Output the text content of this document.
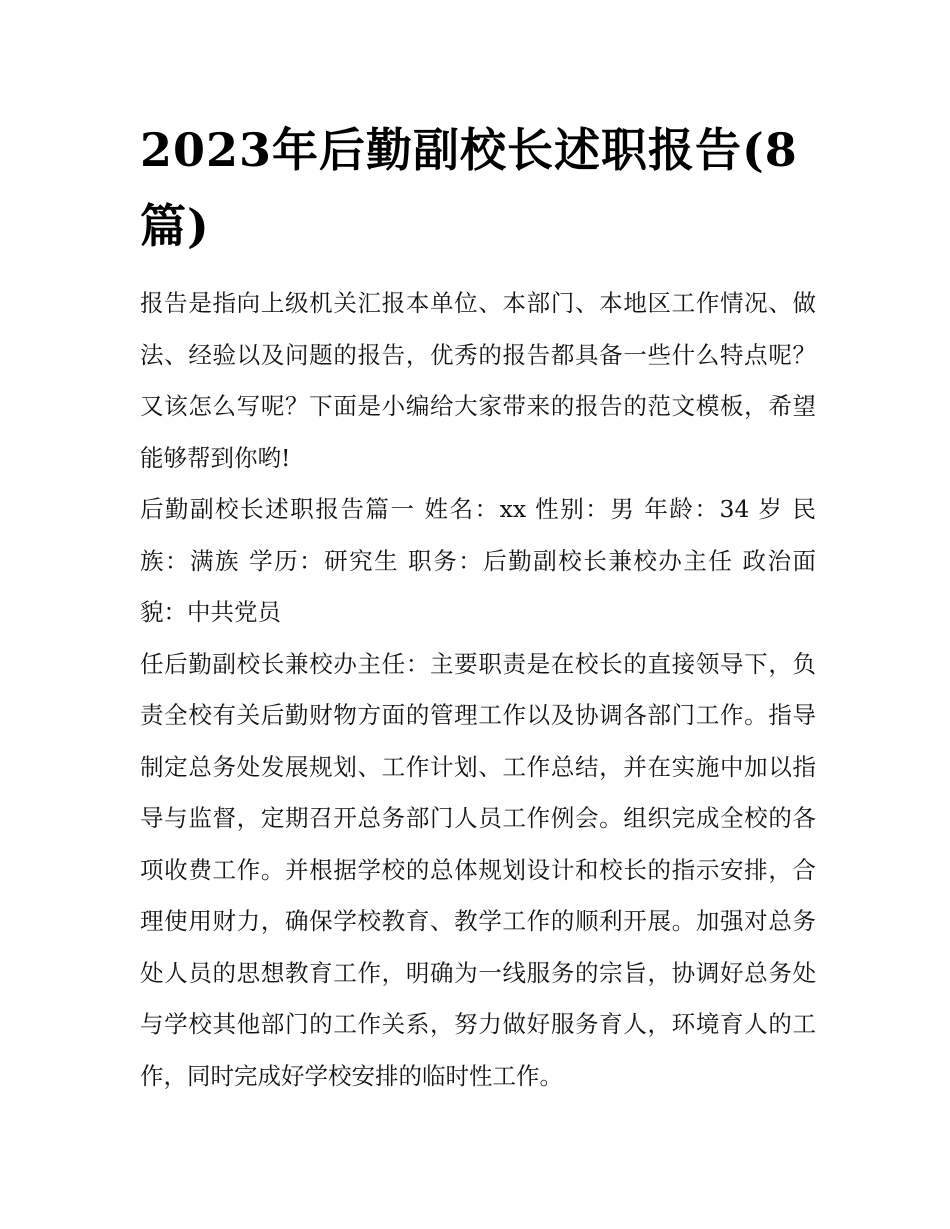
2023年后勤副校长述职报告(8篇)

报告是指向上级机关汇报本单位、本部门、本地区工作情况、做法、经验以及问题的报告，优秀的报告都具备一些什么特点呢？又该怎么写呢？下面是小编给大家带来的报告的范文模板，希望能够帮到你哟!

后勤副校长述职报告篇一 姓名：xx 性别：男 年龄：34 岁 民族：满族 学历：研究生 职务：后勤副校长兼校办主任 政治面貌：中共党员

任后勤副校长兼校办主任：主要职责是在校长的直接领导下，负责全校有关后勤财物方面的管理工作以及协调各部门工作。指导制定总务处发展规划、工作计划、工作总结，并在实施中加以指导与监督，定期召开总务部门人员工作例会。组织完成全校的各项收费工作。并根据学校的总体规划设计和校长的指示安排，合理使用财力，确保学校教育、教学工作的顺利开展。加强对总务处人员的思想教育工作，明确为一线服务的宗旨，协调好总务处与学校其他部门的工作关系，努力做好服务育人，环境育人的工作，同时完成好学校安排的临时性工作。
